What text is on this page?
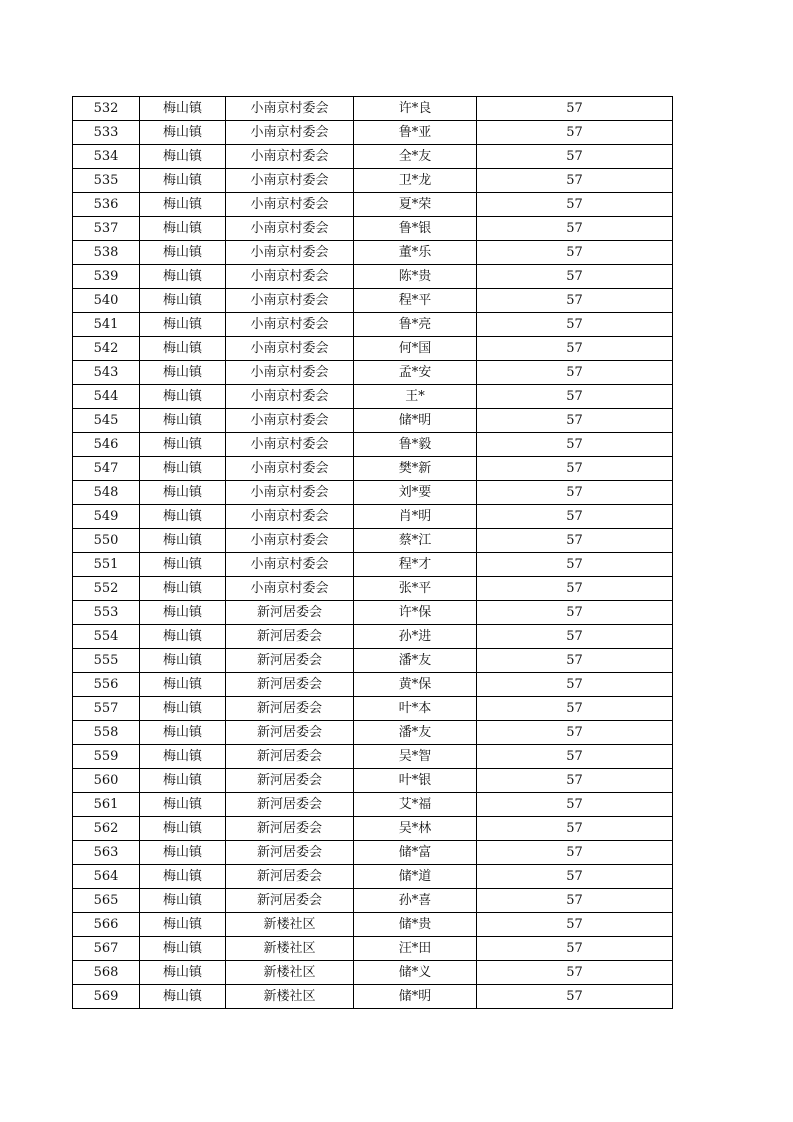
532	梅山镇	小南京村委会	许*良	57
533	梅山镇	小南京村委会	鲁*亚	57
534	梅山镇	小南京村委会	全*友	57
535	梅山镇	小南京村委会	卫*龙	57
536	梅山镇	小南京村委会	夏*荣	57
537	梅山镇	小南京村委会	鲁*银	57
538	梅山镇	小南京村委会	董*乐	57
539	梅山镇	小南京村委会	陈*贵	57
540	梅山镇	小南京村委会	程*平	57
541	梅山镇	小南京村委会	鲁*亮	57
542	梅山镇	小南京村委会	何*国	57
543	梅山镇	小南京村委会	孟*安	57
544	梅山镇	小南京村委会	王*	57
545	梅山镇	小南京村委会	储*明	57
546	梅山镇	小南京村委会	鲁*毅	57
547	梅山镇	小南京村委会	樊*新	57
548	梅山镇	小南京村委会	刘*要	57
549	梅山镇	小南京村委会	肖*明	57
550	梅山镇	小南京村委会	蔡*江	57
551	梅山镇	小南京村委会	程*才	57
552	梅山镇	小南京村委会	张*平	57
553	梅山镇	新河居委会	许*保	57
554	梅山镇	新河居委会	孙*进	57
555	梅山镇	新河居委会	潘*友	57
556	梅山镇	新河居委会	黄*保	57
557	梅山镇	新河居委会	叶*本	57
558	梅山镇	新河居委会	潘*友	57
559	梅山镇	新河居委会	吴*智	57
560	梅山镇	新河居委会	叶*银	57
561	梅山镇	新河居委会	艾*福	57
562	梅山镇	新河居委会	吴*林	57
563	梅山镇	新河居委会	储*富	57
564	梅山镇	新河居委会	储*道	57
565	梅山镇	新河居委会	孙*喜	57
566	梅山镇	新楼社区	储*贵	57
567	梅山镇	新楼社区	汪*田	57
568	梅山镇	新楼社区	储*义	57
569	梅山镇	新楼社区	储*明	57
